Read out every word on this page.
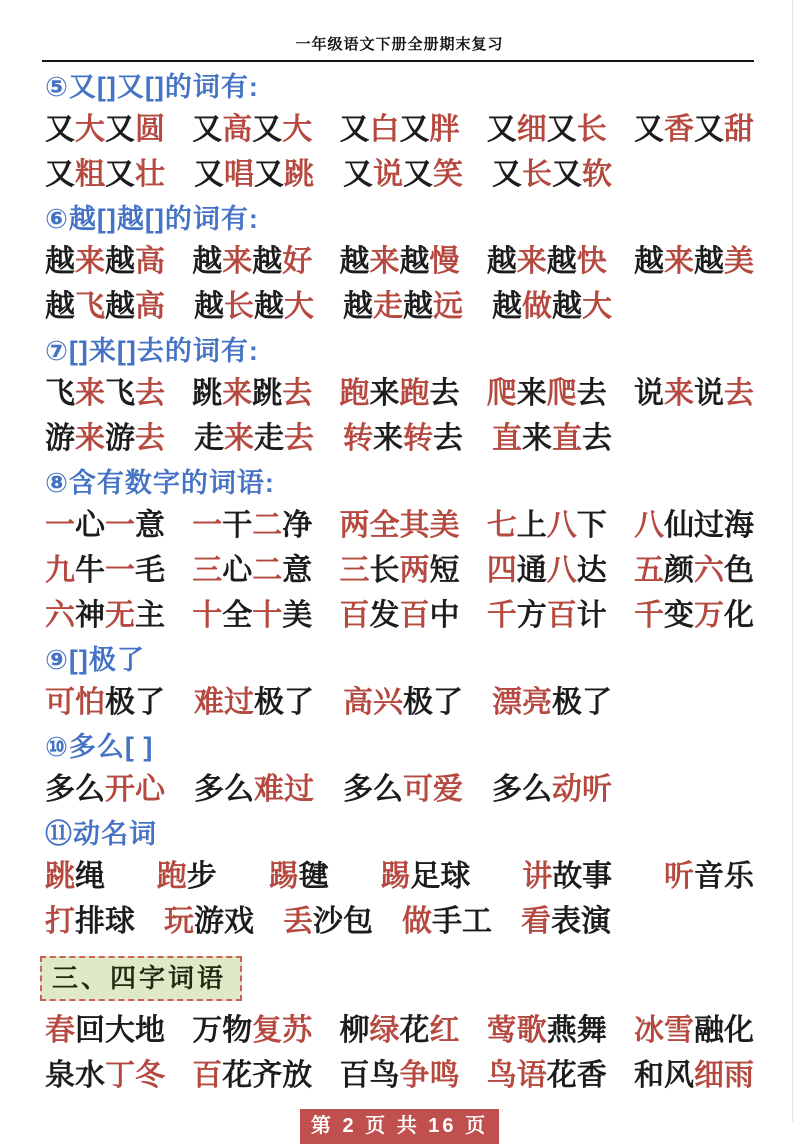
一年级语文下册全册期末复习
⑤又[]又[]的词有:
又大又圆 又高又大 又白又胖 又细又长 又香又甜
又粗又壮 又唱又跳 又说又笑 又长又软
⑥越[]越[]的词有:
越来越高 越来越好 越来越慢 越来越快 越来越美
越飞越高 越长越大 越走越远 越做越大
⑦[]来[]去的词有:
飞来飞去 跳来跳去 跑来跑去 爬来爬去 说来说去
游来游去 走来走去 转来转去 直来直去
⑧含有数字的词语:
一心一意 一干二净 两全其美 七上八下 八仙过海
九牛一毛 三心二意 三长两短 四通八达 五颜六色
六神无主 十全十美 百发百中 千方百计 千变万化
⑨[]极了
可怕极了 难过极了 高兴极了 漂亮极了
⑩多么[ ]
多么开心 多么难过 多么可爱 多么动听
⑪动名词
跳绳 跑步 踢毽 踢足球 讲故事 听音乐
打排球 玩游戏 丢沙包 做手工 看表演
三、四字词语
春回大地 万物复苏 柳绿花红 莺歌燕舞 冰雪融化
泉水丁冬 百花齐放 百鸟争鸣 鸟语花香 和风细雨
第 2 页 共 16 页
